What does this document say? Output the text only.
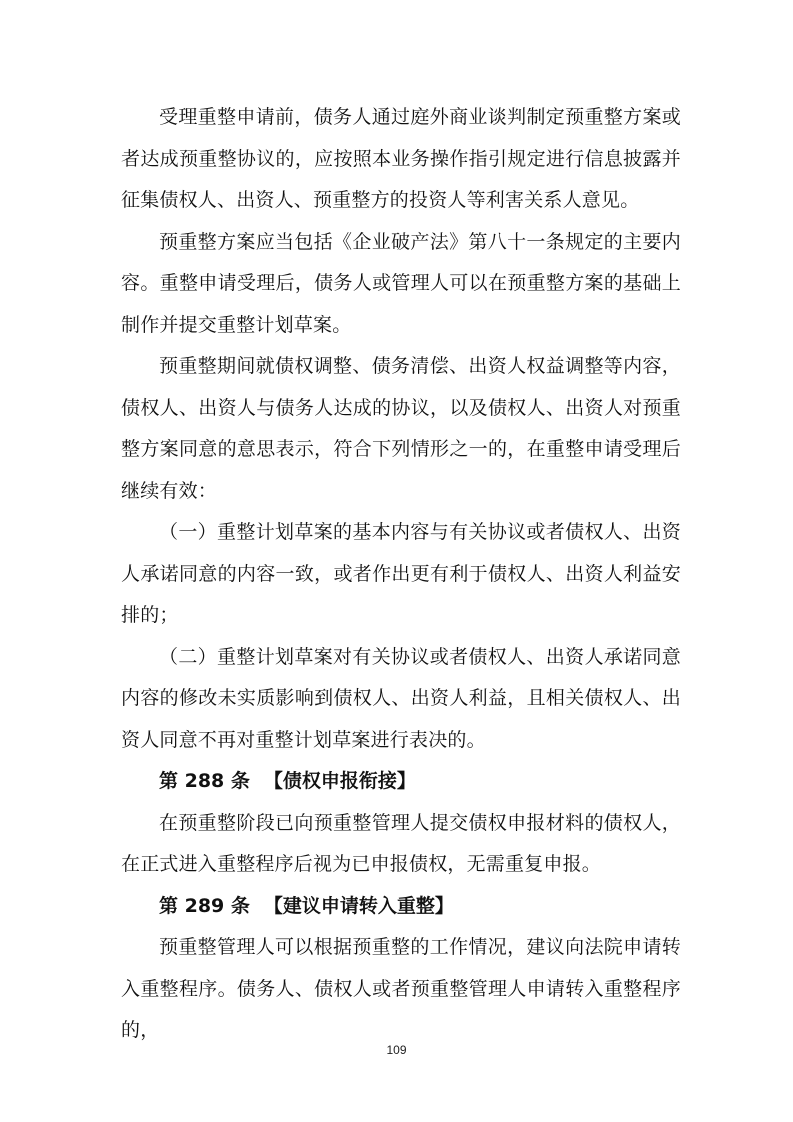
受理重整申请前，债务人通过庭外商业谈判制定预重整方案或者达成预重整协议的，应按照本业务操作指引规定进行信息披露并征集债权人、出资人、预重整方的投资人等利害关系人意见。

预重整方案应当包括《企业破产法》第八十一条规定的主要内容。重整申请受理后，债务人或管理人可以在预重整方案的基础上制作并提交重整计划草案。

预重整期间就债权调整、债务清偿、出资人权益调整等内容，债权人、出资人与债务人达成的协议，以及债权人、出资人对预重整方案同意的意思表示，符合下列情形之一的，在重整申请受理后继续有效：

（一）重整计划草案的基本内容与有关协议或者债权人、出资人承诺同意的内容一致，或者作出更有利于债权人、出资人利益安排的；

（二）重整计划草案对有关协议或者债权人、出资人承诺同意内容的修改未实质影响到债权人、出资人利益，且相关债权人、出资人同意不再对重整计划草案进行表决的。

第 288 条 【债权申报衔接】

在预重整阶段已向预重整管理人提交债权申报材料的债权人，在正式进入重整程序后视为已申报债权，无需重复申报。

第 289 条 【建议申请转入重整】

预重整管理人可以根据预重整的工作情况，建议向法院申请转入重整程序。债务人、债权人或者预重整管理人申请转入重整程序的，

109
